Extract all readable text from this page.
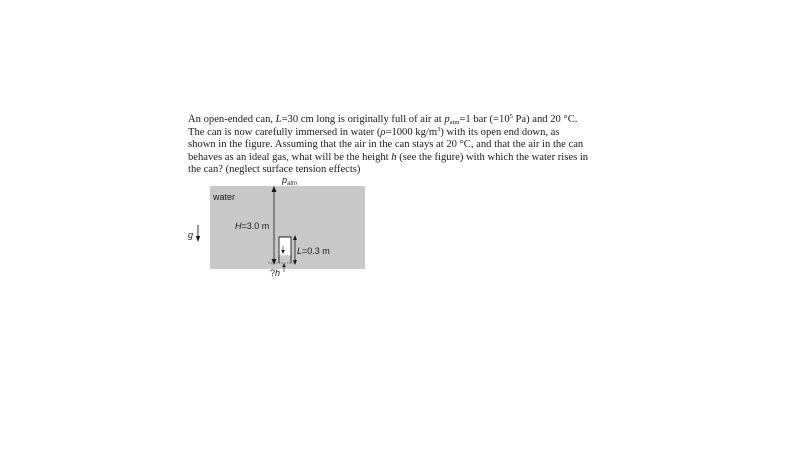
An open-ended can, L=30 cm long is originally full of air at $p_{atm}=1$ bar ($=10^5$ Pa) and 20 °C.
The can is now carefully immersed in water (ρ=1000 $kg/m^3$) with its open end down, as
shown in the figure. Assuming that the air in the can stays at 20 °C, and that the air in the can
behaves as an ideal gas, what will be the height h (see the figure) with which the water rises in
the can? (neglect surface tension effects)
$p_{atm}$
water
H=3.0 m
L=0.3 m
?h
g
